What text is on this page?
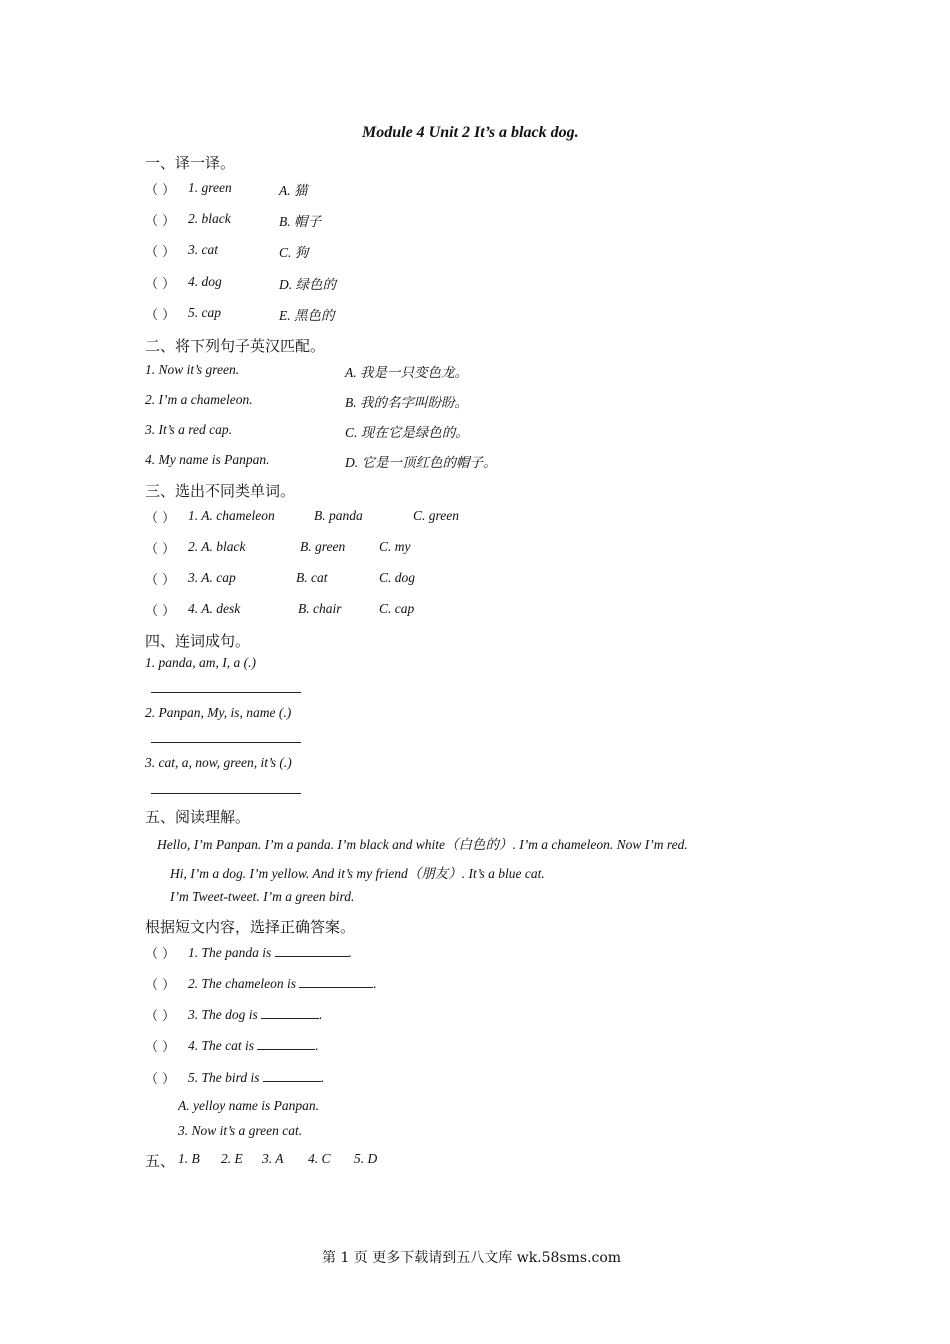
Module 4 Unit 2 It’s a black dog.
一、译一译。
（ ） 1. green	A. 猫
（ ） 2. black	B. 帽子
（ ） 3. cat	C. 狗
（ ） 4. dog	D. 绿色的
（ ） 5. cap	E. 黑色的
二、将下列句子英汉匹配。
1. Now it’s green.	A. 我是一只变色龙。
2. I’m a chameleon.	B. 我的名字叫盼盼。
3. It’s a red cap.	C. 现在它是绿色的。
4. My name is Panpan.	D. 它是一顶红色的帽子。
三、选出不同类单词。
（ ） 1. A. chameleon	B. panda	C. green
（ ） 2. A. black	B. green	C. my
（ ） 3. A. cap	B. cat	C. dog
（ ） 4. A. desk	B. chair	C. cap
四、连词成句。
1. panda, am, I, a (.)
2. Panpan, My, is, name (.)
3. cat, a, now, green, it’s (.)
五、阅读理解。
Hello, I’m Panpan. I’m a panda. I’m black and white（白色的）. I’m a chameleon. Now I’m red.
Hi, I’m a dog. I’m yellow. And it’s my friend（朋友）. It’s a blue cat.
I’m Tweet-tweet. I’m a green bird.
根据短文内容，选择正确答案。
（ ） 1. The panda is	.
（ ） 2. The chameleon is	.
（ ） 3. The dog is	.
（ ） 4. The cat is	.
（ ） 5. The bird is	.
A. yelloy name is Panpan.
3. Now it’s a green cat.
五、 1. B 2. E 3. A 4. C 5. D
第 1 页 更多下载请到五八文库 wk.58sms.com
